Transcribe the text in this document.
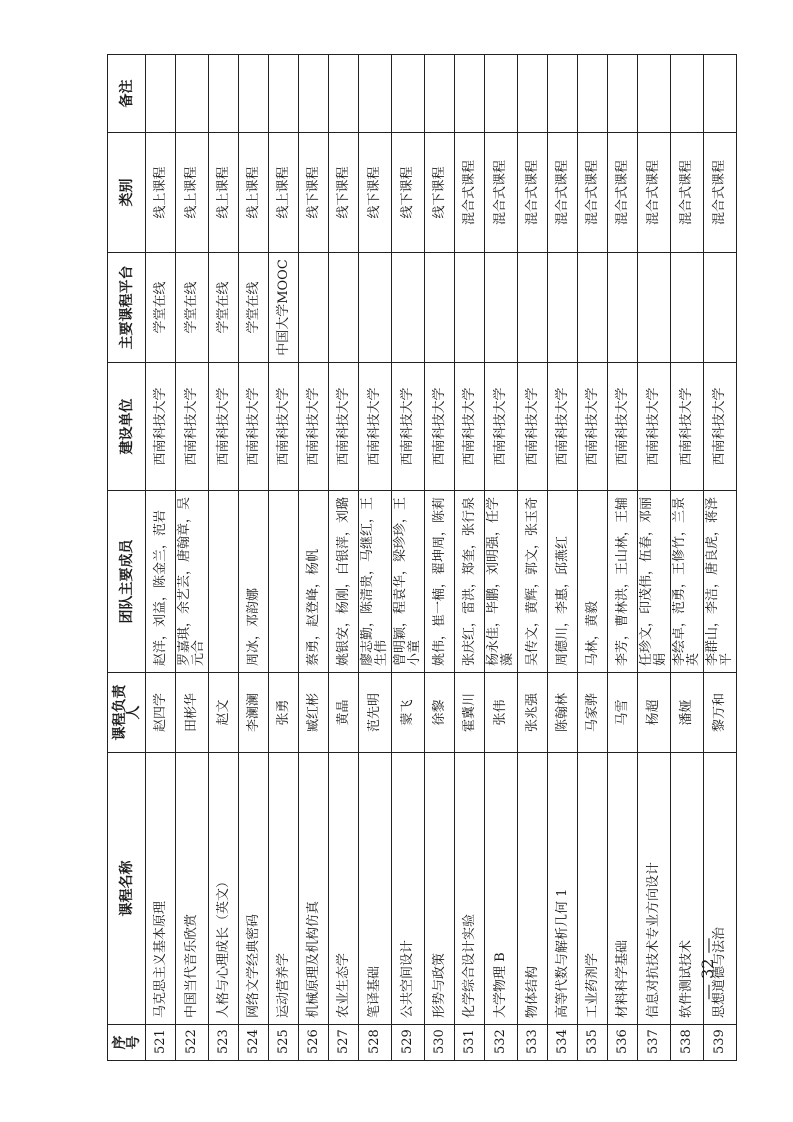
序号	课程名称	课程负责人	团队主要成员	建设单位	主要课程平台	类别	备注
521	马克思主义基本原理	赵四学	赵洋，刘益，陈金兰，范岩	西南科技大学	学堂在线	线上课程	
522	中国当代音乐欣赏	田彬华	罗嘉琪，余艺芸，唐翰章，吴元合	西南科技大学	学堂在线	线上课程	
523	人格与心理成长（英文）	赵文		西南科技大学	学堂在线	线上课程	
524	网络文学经典密码	李澜澜	周冰，邓韵娜	西南科技大学	学堂在线	线上课程	
525	运动营养学	张勇		西南科技大学	中国大学MOOC	线上课程	
526	机械原理及机构仿真	臧红彬	蔡勇，赵登峰，杨帆	西南科技大学		线下课程	
527	农业生态学	黄晶	姚银安，杨刚，白银萍，刘璐	西南科技大学		线下课程	
528	笔译基础	范先明	廖志勤，陈清贵，马继红，王生伟	西南科技大学		线下课程	
529	公共空间设计	蒙飞	曾明颖，程袁华，梁珍珍，王小童	西南科技大学		线下课程	
530	形势与政策	徐黎	姚伟，崔一楠，翟坤周，陈莉	西南科技大学		线下课程	
531	化学综合设计实验	霍冀川	张庆红，雷洪，郑奎，张行泉	西南科技大学		混合式课程	
532	大学物理 B	张伟	杨永佳，毕鹏，刘明强，任学藻	西南科技大学		混合式课程	
533	物体结构	张兆强	吴传文，黄辉，郭文，张玉奇	西南科技大学		混合式课程	
534	高等代数与解析几何 1	陈翰林	周德川，李惠，邱燕红	西南科技大学		混合式课程	
535	工业药剂学	马家骅	马林，黄毅	西南科技大学		混合式课程	
536	材料科学基础	马雪	李芳，曹林洪，王山林，王辅	西南科技大学		混合式课程	
537	信息对抗技术专业方向设计	杨超	任珍文，印茂伟，伍春，邓丽娟	西南科技大学		混合式课程	
538	软件测试技术	潘娅	李绘卓，范勇，王修竹，兰景英	西南科技大学		混合式课程	
539	思想道德与法治	黎万和	李群山，李洁，唐良虎，蒋泽平	西南科技大学		混合式课程	
— 32 —
